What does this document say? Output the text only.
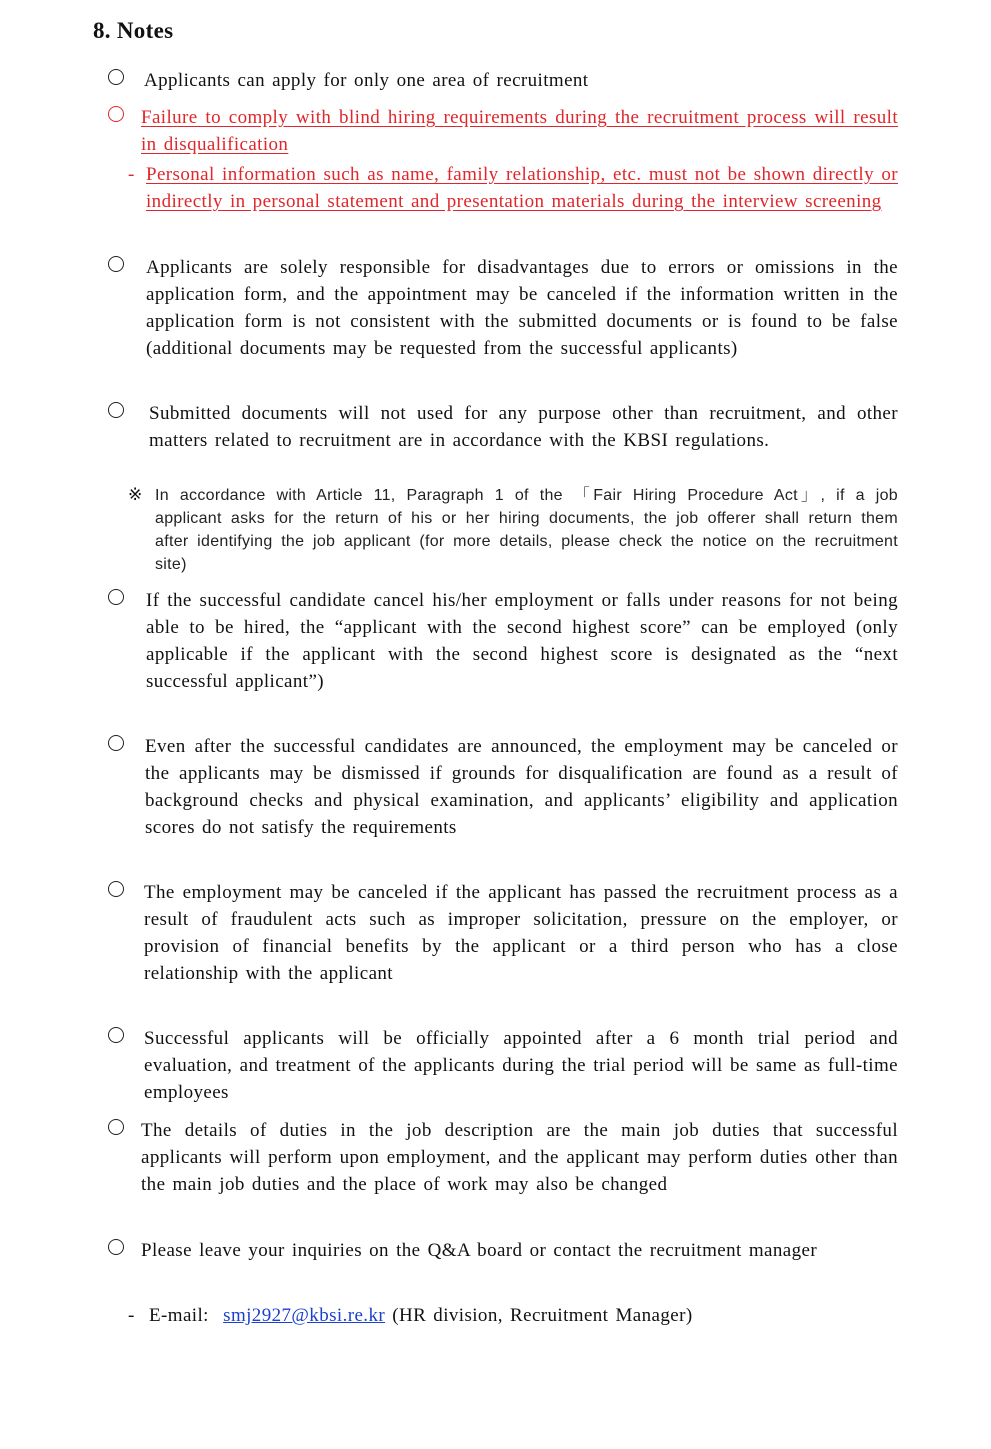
8. Notes
Applicants can apply for only one area of recruitment
Failure to comply with blind hiring requirements during the recruitment process will result in disqualification
- Personal information such as name, family relationship, etc. must not be shown directly or indirectly in personal statement and presentation materials during the interview screening
Applicants are solely responsible for disadvantages due to errors or omissions in the application form, and the appointment may be canceled if the information written in the application form is not consistent with the submitted documents or is found to be false (additional documents may be requested from the successful applicants)
Submitted documents will not used for any purpose other than recruitment, and other matters related to recruitment are in accordance with the KBSI regulations.
※ In accordance with Article 11, Paragraph 1 of the 「Fair Hiring Procedure Act」, if a job applicant asks for the return of his or her hiring documents, the job offerer shall return them after identifying the job applicant (for more details, please check the notice on the recruitment site)
If the successful candidate cancel his/her employment or falls under reasons for not being able to be hired, the “applicant with the second highest score” can be employed (only applicable if the applicant with the second highest score is designated as the “next successful applicant”)
Even after the successful candidates are announced, the employment may be canceled or the applicants may be dismissed if grounds for disqualification are found as a result of background checks and physical examination, and applicants’ eligibility and application scores do not satisfy the requirements
The employment may be canceled if the applicant has passed the recruitment process as a result of fraudulent acts such as improper solicitation, pressure on the employer, or provision of financial benefits by the applicant or a third person who has a close relationship with the applicant
Successful applicants will be officially appointed after a 6 month trial period and evaluation, and treatment of the applicants during the trial period will be same as full-time employees
The details of duties in the job description are the main job duties that successful applicants will perform upon employment, and the applicant may perform duties other than the main job duties and the place of work may also be changed
Please leave your inquiries on the Q&A board or contact the recruitment manager
- E-mail: smj2927@kbsi.re.kr (HR division, Recruitment Manager)
